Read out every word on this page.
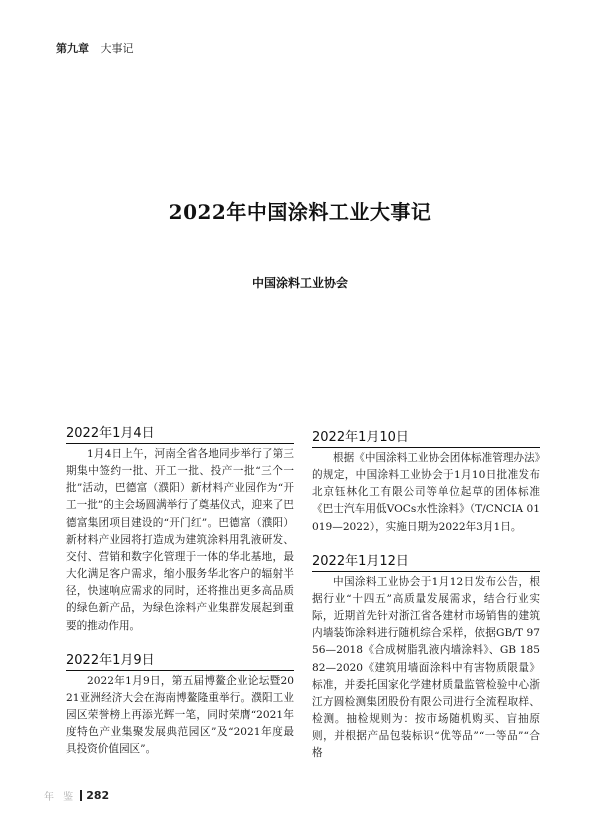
第九章 大事记
2022年中国涂料工业大事记
中国涂料工业协会
2022年1月4日

1月4日上午，河南全省各地同步举行了第三期集中签约一批、开工一批、投产一批“三个一批”活动，巴德富（濮阳）新材料产业园作为“开工一批”的主会场圆满举行了奠基仪式，迎来了巴德富集团项目建设的“开门红”。巴德富（濮阳）新材料产业园将打造成为建筑涂料用乳液研发、交付、营销和数字化管理于一体的华北基地，最大化满足客户需求，缩小服务华北客户的辐射半径，快速响应需求的同时，还将推出更多高品质的绿色新产品，为绿色涂料产业集群发展起到重要的推动作用。

2022年1月9日

2022年1月9日，第五届博鳌企业论坛暨2021亚洲经济大会在海南博鳌隆重举行。濮阳工业园区荣誉榜上再添光辉一笔，同时荣膺“2021年度特色产业集聚发展典范园区”及“2021年度最具投资价值园区”。

2022年1月10日

根据《中国涂料工业协会团体标准管理办法》的规定，中国涂料工业协会于1月10日批准发布北京钰林化工有限公司等单位起草的团体标准《巴士汽车用低VOCs水性涂料》（T/CNCIA 01019—2022），实施日期为2022年3月1日。

2022年1月12日

中国涂料工业协会于1月12日发布公告，根据行业“十四五”高质量发展需求，结合行业实际，近期首先针对浙江省各建材市场销售的建筑内墙装饰涂料进行随机综合采样，依据GB/T 9756—2018《合成树脂乳液内墙涂料》、GB 18582—2020《建筑用墙面涂料中有害物质限量》标准，并委托国家化学建材质量监管检验中心浙江方圆检测集团股份有限公司进行全流程取样、检测。抽检规则为：按市场随机购买、盲抽原则，并根据产品包装标识“优等品”“一等品”“合格

年 鉴 282
